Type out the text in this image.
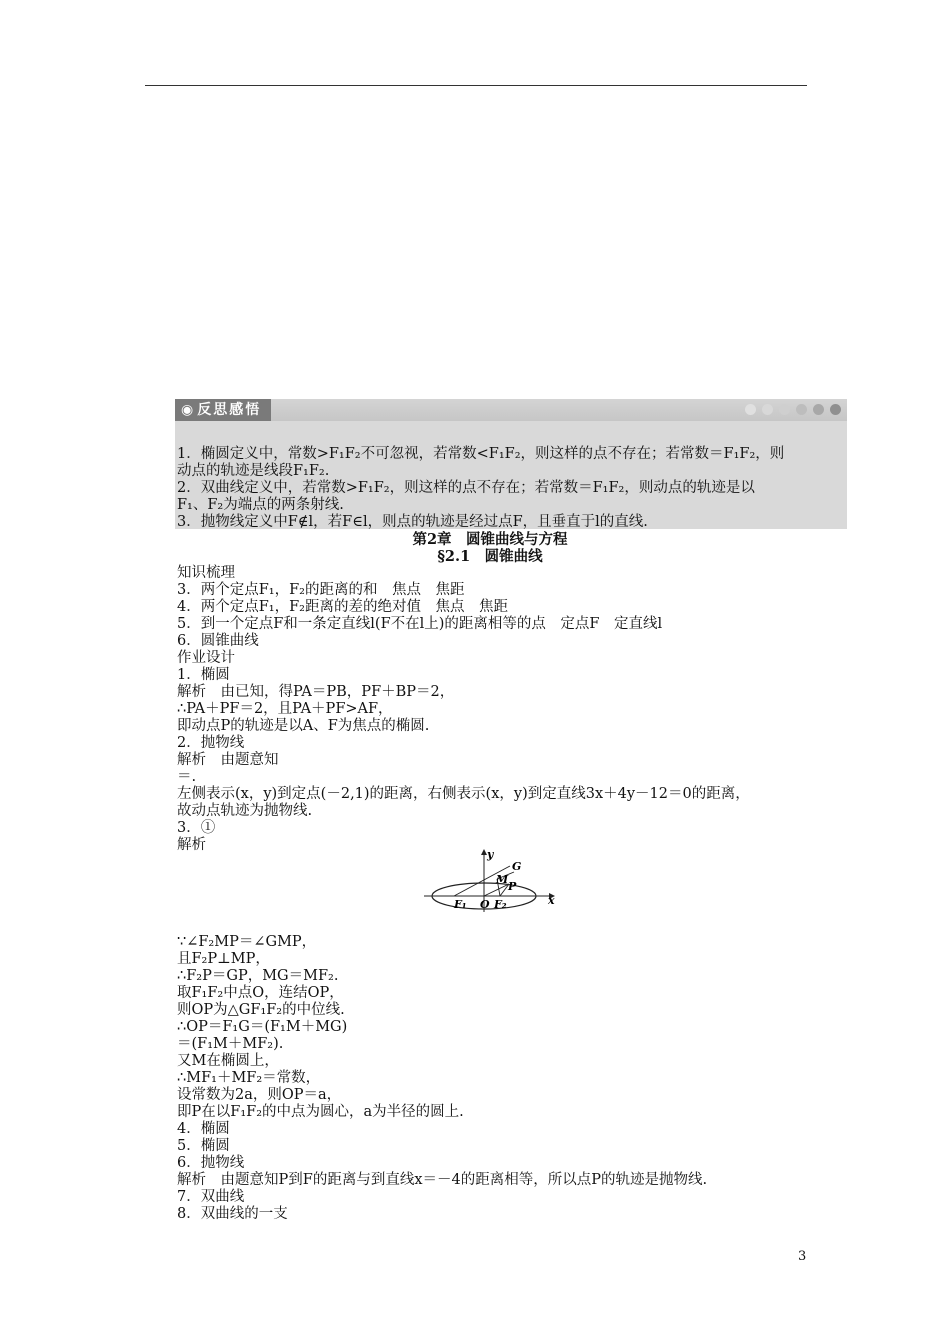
◉ 反思感悟
1．椭圆定义中，常数>F₁F₂不可忽视，若常数<F₁F₂，则这样的点不存在；若常数＝F₁F₂，则
动点的轨迹是线段F₁F₂.
2．双曲线定义中，若常数>F₁F₂，则这样的点不存在；若常数＝F₁F₂，则动点的轨迹是以
F₁、F₂为端点的两条射线.
3．抛物线定义中F∉l，若F∈l，则点的轨迹是经过点F，且垂直于l的直线.
第2章　圆锥曲线与方程
§2.1　圆锥曲线
知识梳理
3．两个定点F₁，F₂的距离的和　焦点　焦距
4．两个定点F₁，F₂距离的差的绝对值　焦点　焦距
5．到一个定点F和一条定直线l(F不在l上)的距离相等的点　定点F　定直线l
6．圆锥曲线
作业设计
1．椭圆
解析　由已知，得PA＝PB，PF＋BP＝2，
∴PA＋PF＝2，且PA＋PF>AF，
即动点P的轨迹是以A、F为焦点的椭圆.
2．抛物线
解析　由题意知
＝.
左侧表示(x，y)到定点(－2,1)的距离，右侧表示(x，y)到定直线3x＋4y－12＝0的距离，
故动点轨迹为抛物线.
3．①
解析
y
x
G
M
P
F₁ O F₂
∵∠F₂MP＝∠GMP，
且F₂P⊥MP，
∴F₂P＝GP，MG＝MF₂.
取F₁F₂中点O，连结OP，
则OP为△GF₁F₂的中位线.
∴OP＝F₁G＝(F₁M＋MG)
＝(F₁M＋MF₂).
又M在椭圆上，
∴MF₁＋MF₂＝常数，
设常数为2a，则OP＝a，
即P在以F₁F₂的中点为圆心，a为半径的圆上.
4．椭圆
5．椭圆
6．抛物线
解析　由题意知P到F的距离与到直线x＝－4的距离相等，所以点P的轨迹是抛物线.
7．双曲线
8．双曲线的一支
3
